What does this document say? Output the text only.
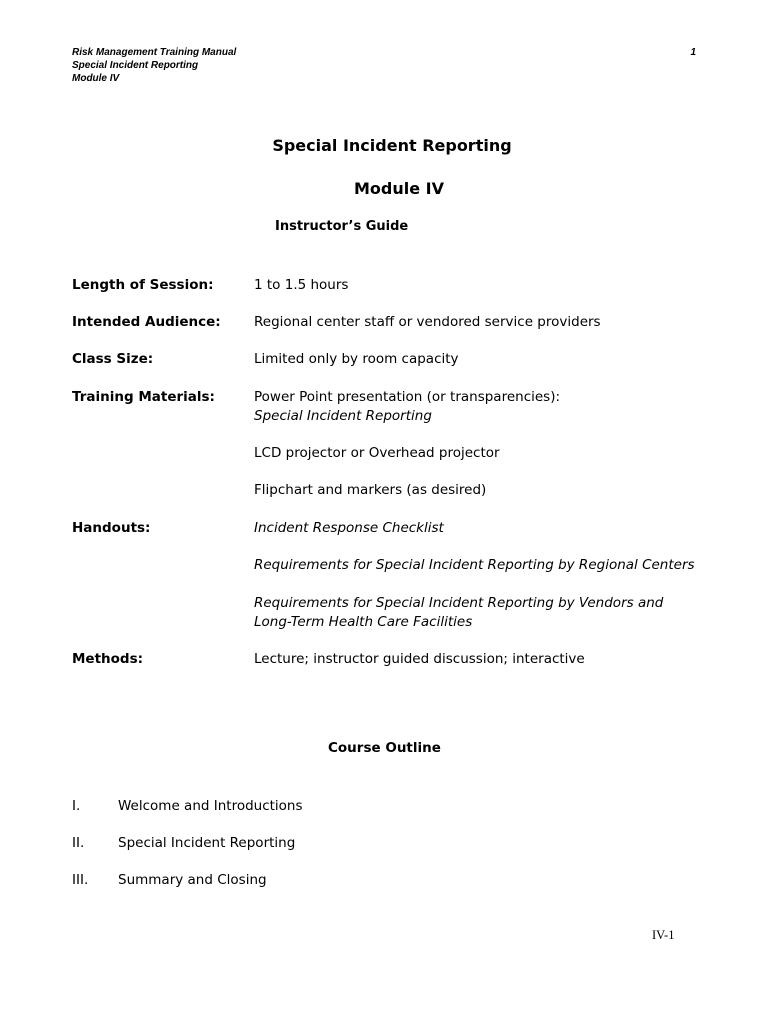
Risk Management Training Manual
Special Incident Reporting
Module IV
1
Special Incident Reporting
Module IV
Instructor’s Guide
Length of Session:	1 to 1.5 hours

Intended Audience: Regional center staff or vendored service providers

Class Size:	Limited only by room capacity

Training Materials:	Power Point presentation (or transparencies):

Special Incident Reporting

LCD projector or Overhead projector

Flipchart and markers (as desired)

Handouts:	Incident Response Checklist

Requirements for Special Incident Reporting by Regional Centers

Requirements for Special Incident Reporting by Vendors and

Long-Term Health Care Facilities

Methods:	Lecture; instructor guided discussion; interactive

Course Outline
I.	Welcome and Introductions
II. Special Incident Reporting
III. Summary and Closing
IV-1
